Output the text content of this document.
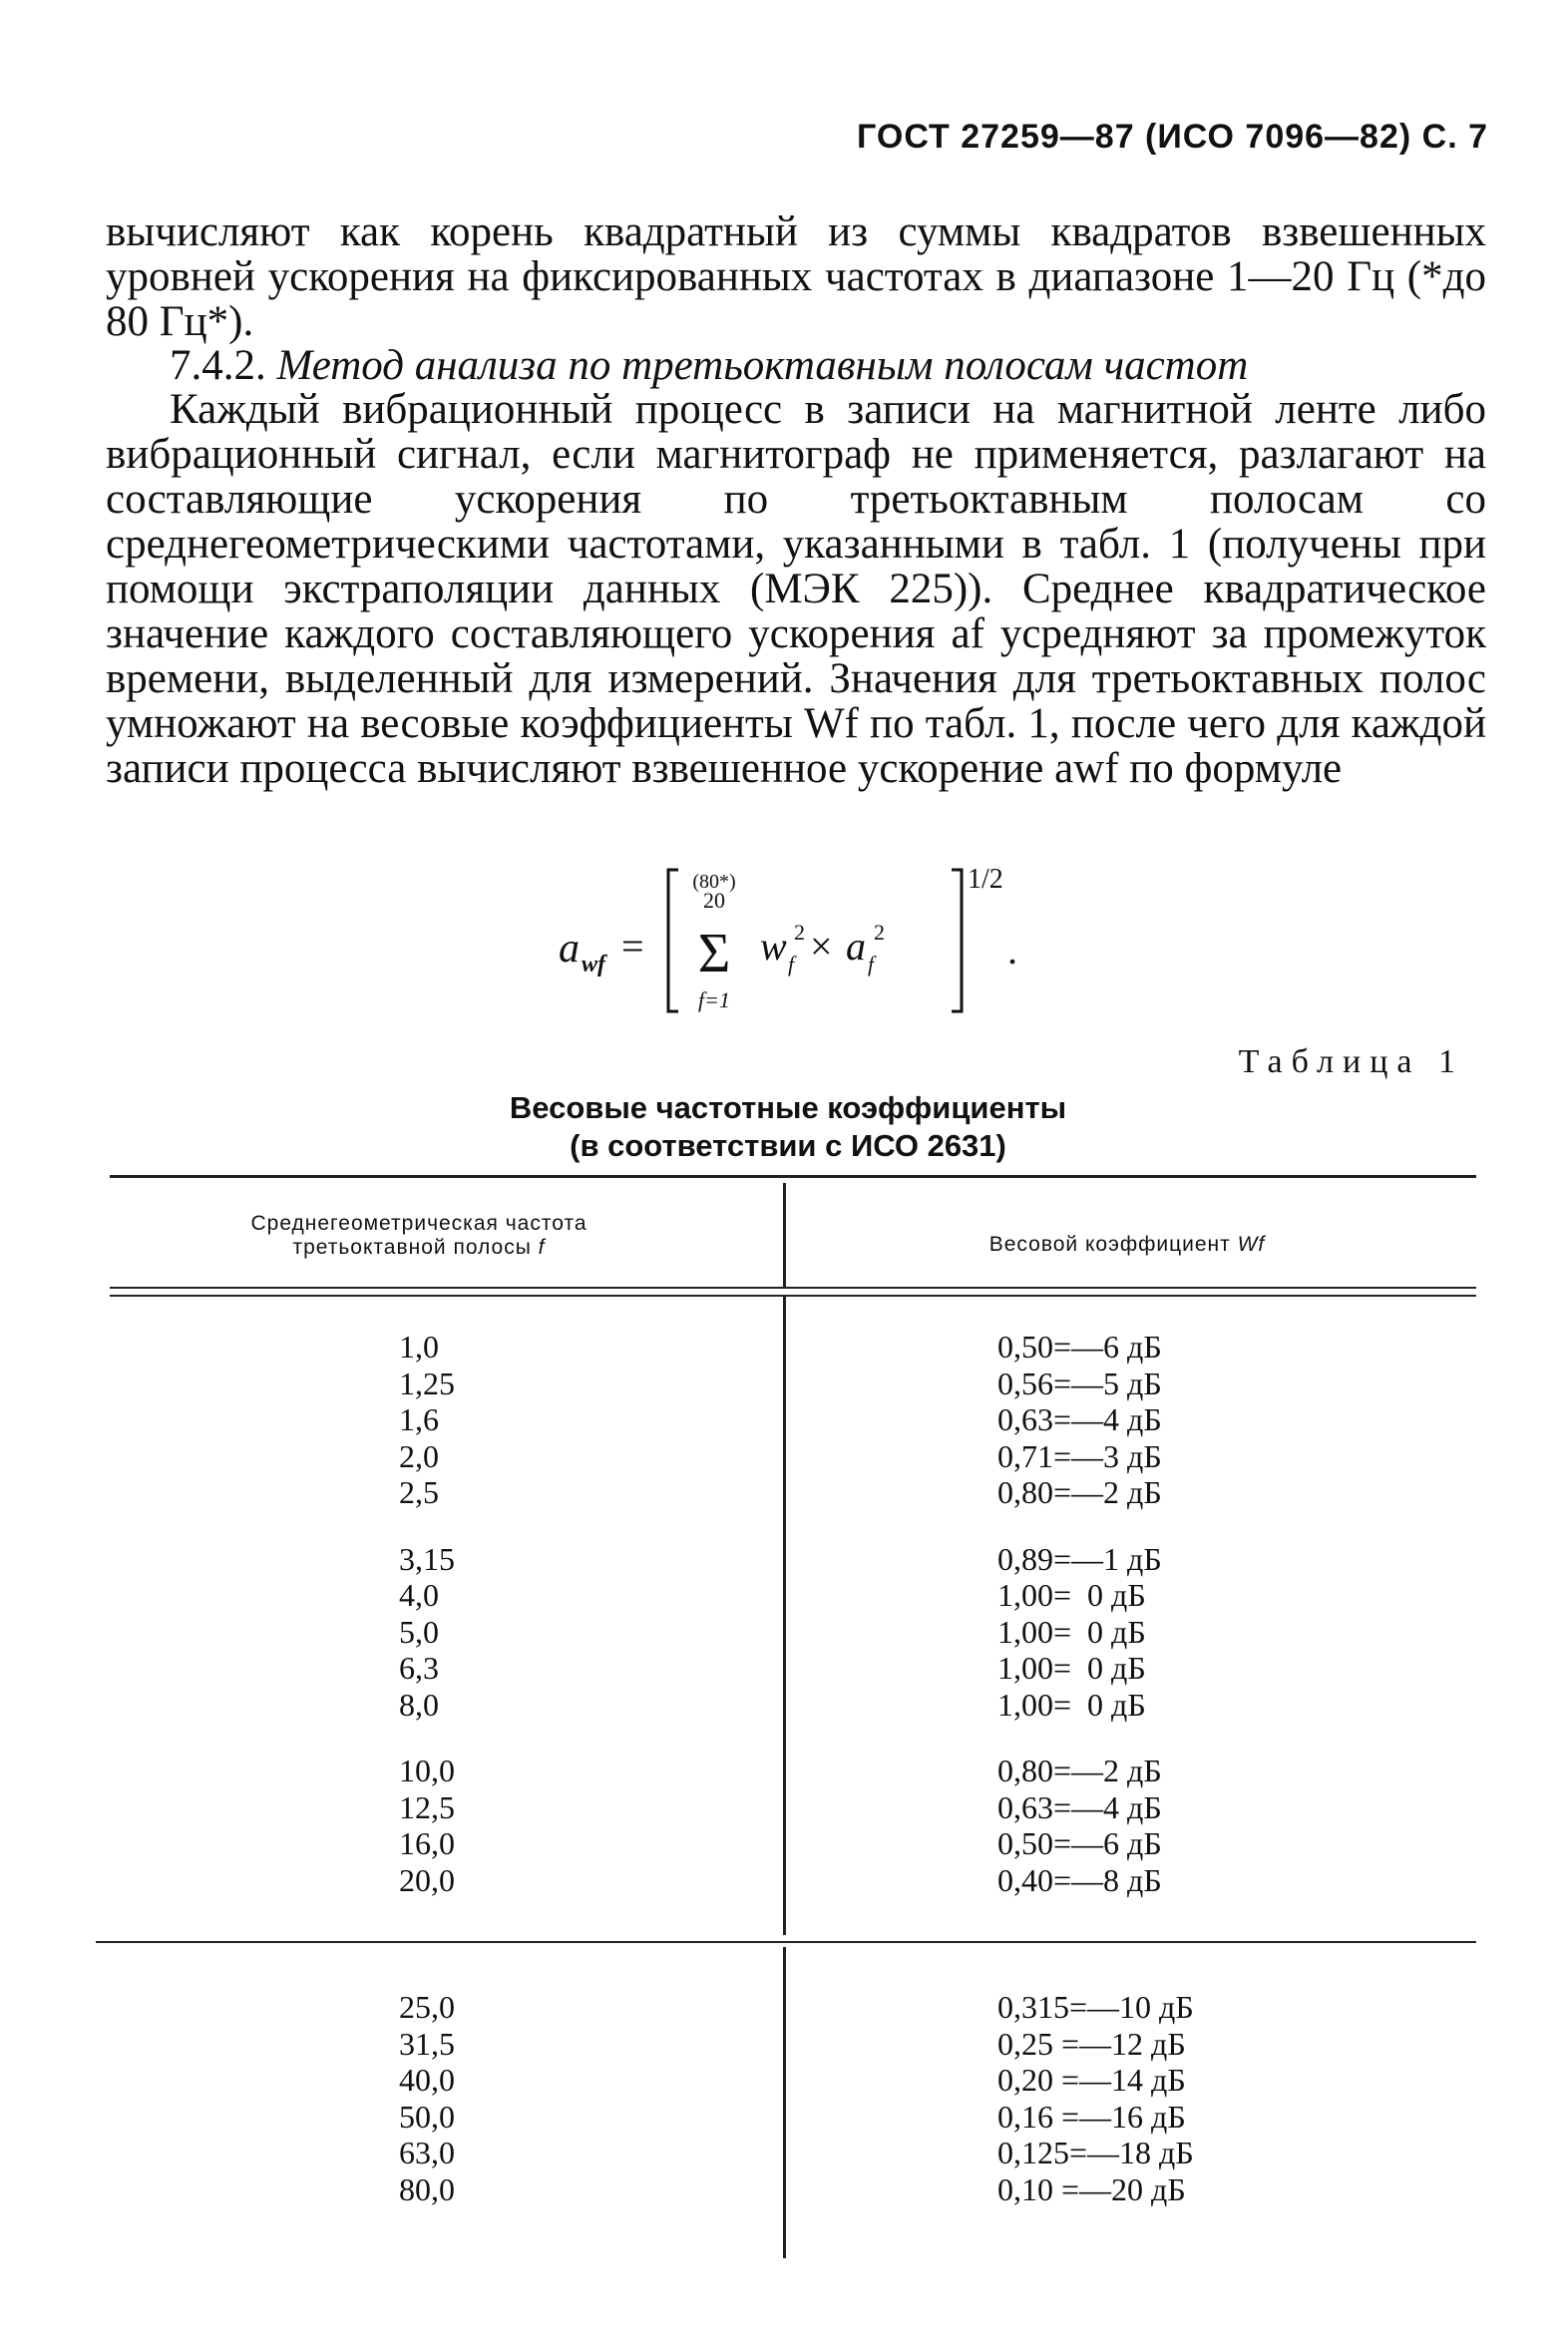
ГОСТ 27259—87 (ИСО 7096—82) С. 7
вычисляют как корень квадратный из суммы квадратов взвешенных уровней ускорения на фиксированных частотах в диапазоне 1—20 Гц (*до 80 Гц*).
7.4.2. Метод анализа по третьоктавным полосам частот
Каждый вибрационный процесс в записи на магнитной ленте либо вибрационный сигнал, если магнитограф не применяется, разлагают на составляющие ускорения по третьоктавным полосам со среднегеометрическими частотами, указанными в табл. 1 (получены при помощи экстраполяции данных (МЭК 225)). Среднее квадратическое значение каждого составляющего ускорения af усредняют за промежуток времени, выделенный для измерений. Значения для третьоктавных полос умножают на весовые коэффициенты Wf по табл. 1, после чего для каждой записи процесса вычисляют взвешенное ускорение awf по формуле
a wf =
(80*)
20
Σ
f=1
w f
2 × a f
2
1/2
.
Таблица 1
Весовые частотные коэффициенты
(в соответствии с ИСО 2631)
Среднегеометрическая частота
третьоктавной полосы f	Весовой коэффициент Wf
1,0
1,25
1,6
2,0
2,5
3,15
4,0
5,0
6,3
8,0
10,0
12,5
16,0
20,0
0,50=—6 дБ
0,56=—5 дБ
0,63=—4 дБ
0,71=—3 дБ
0,80=—2 дБ
0,89=—1 дБ
1,00=  0 дБ
1,00=  0 дБ
1,00=  0 дБ
1,00=  0 дБ
0,80=—2 дБ
0,63=—4 дБ
0,50=—6 дБ
0,40=—8 дБ
25,0
31,5
40,0
50,0
63,0
80,0
0,315=—10 дБ
0,25 =—12 дБ
0,20 =—14 дБ
0,16 =—16 дБ
0,125=—18 дБ
0,10 =—20 дБ
